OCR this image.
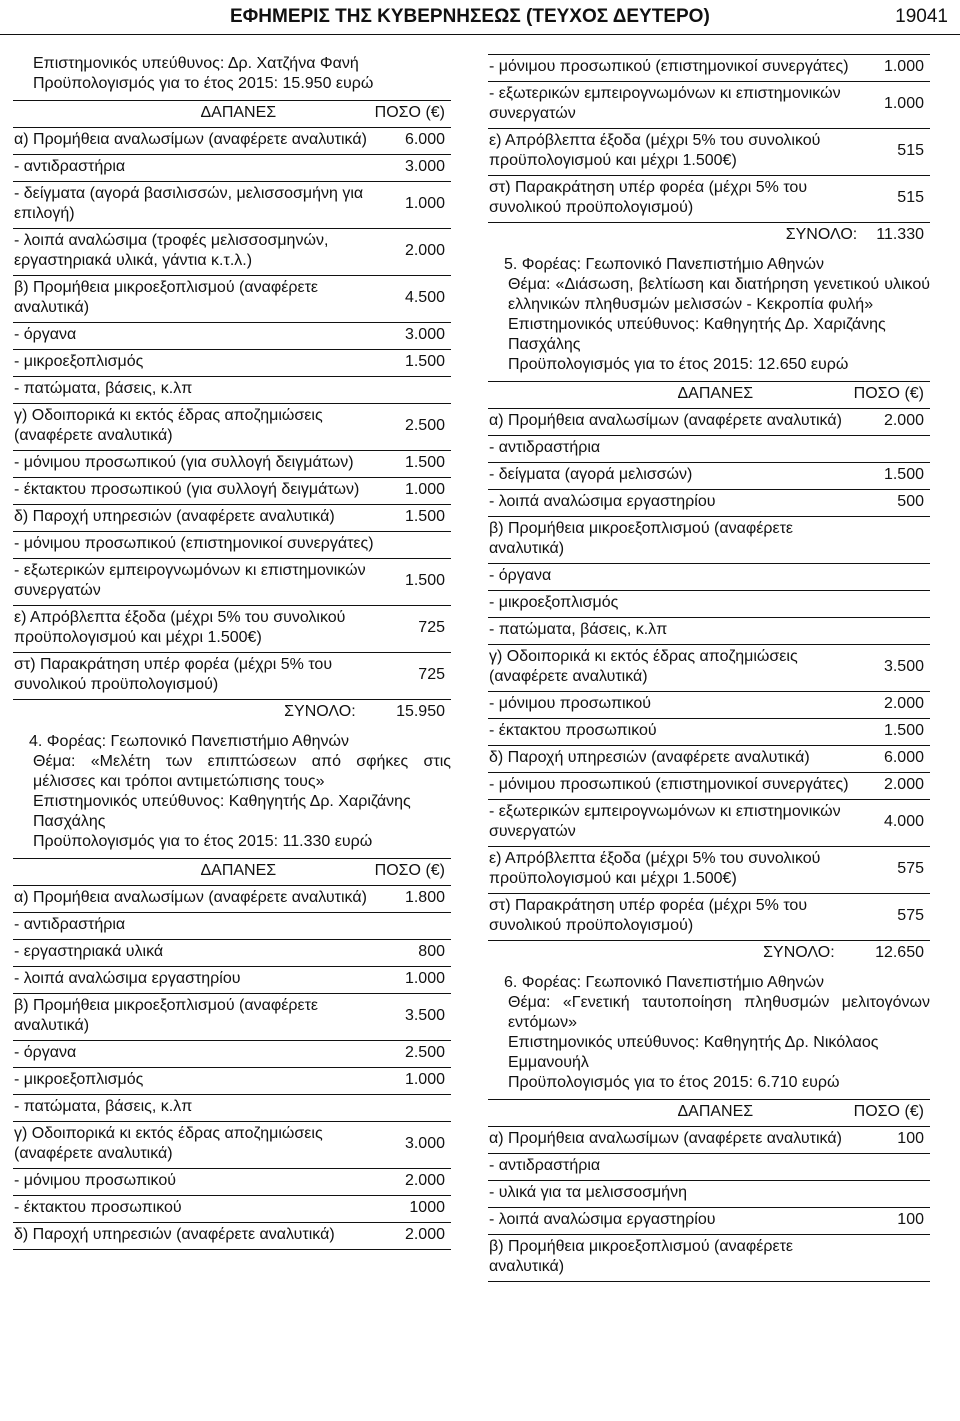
ΕΦΗΜΕΡΙΣ ΤΗΣ ΚΥΒΕΡΝΗΣΕΩΣ (ΤΕΥΧΟΣ ΔΕΥΤΕΡΟ)	19041

Επιστημονικός υπεύθυνος: Δρ. Χατζήνα Φανή

Προϋπολογισμός για το έτος 2015: 15.950 ευρώ

ΔΑΠΑΝΕΣ	ΠΟΣΟ (€)
α) Προμήθεια αναλωσίμων (αναφέρετε αναλυτικά)	6.000
- αντιδραστήρια	3.000
- δείγματα (αγορά βασιλισσών, μελισσοσμήνη για επιλογή)	1.000
- λοιπά αναλώσιμα (τροφές μελισσοσμηνών, εργαστηριακά υλικά, γάντια κ.τ.λ.)	2.000
β) Προμήθεια μικροεξοπλισμού (αναφέρετε αναλυτικά)	4.500
- όργανα	3.000
- μικροεξοπλισμός	1.500
- πατώματα, βάσεις, κ.λπ	
γ) Οδοιπορικά κι εκτός έδρας αποζημιώσεις (αναφέρετε αναλυτικά)	2.500
- μόνιμου προσωπικού (για συλλογή δειγμάτων)	1.500
- έκτακτου προσωπικού (για συλλογή δειγμάτων)	1.000
δ) Παροχή υπηρεσιών (αναφέρετε αναλυτικά)	1.500
- μόνιμου προσωπικού (επιστημονικοί συνεργάτες)	
- εξωτερικών εμπειρογνωμόνων κι επιστημονικών συνεργατών	1.500
ε) Απρόβλεπτα έξοδα (μέχρι 5% του συνολικού προϋπολογισμού και μέχρι 1.500€)	725
στ) Παρακράτηση υπέρ φορέα (μέχρι 5% του συνολικού προϋπολογισμού)	725
ΣΥΝΟΛΟ:	15.950

4. Φορέας: Γεωπονικό Πανεπιστήμιο Αθηνών

Θέμα: «Μελέτη των επιπτώσεων από σφήκες στις μέλισσες και τρόποι αντιμετώπισης τους»

Επιστημονικός υπεύθυνος: Καθηγητής Δρ. Χαριζάνης Πασχάλης

Προϋπολογισμός για το έτος 2015: 11.330 ευρώ

ΔΑΠΑΝΕΣ	ΠΟΣΟ (€)
α) Προμήθεια αναλωσίμων (αναφέρετε αναλυτικά)	1.800
- αντιδραστήρια	
- εργαστηριακά υλικά	800
- λοιπά αναλώσιμα εργαστηρίου	1.000
β) Προμήθεια μικροεξοπλισμού (αναφέρετε αναλυτικά)	3.500
- όργανα	2.500
- μικροεξοπλισμός	1.000
- πατώματα, βάσεις, κ.λπ	
γ) Οδοιπορικά κι εκτός έδρας αποζημιώσεις (αναφέρετε αναλυτικά)	3.000
- μόνιμου προσωπικού	2.000
- έκτακτου προσωπικού	1000
δ) Παροχή υπηρεσιών (αναφέρετε αναλυτικά)	2.000
- μόνιμου προσωπικού (επιστημονικοί συνεργάτες)	1.000
- εξωτερικών εμπειρογνωμόνων κι επιστημονικών συνεργατών	1.000
ε) Απρόβλεπτα έξοδα (μέχρι 5% του συνολικού προϋπολογισμού και μέχρι 1.500€)	515
στ) Παρακράτηση υπέρ φορέα (μέχρι 5% του συνολικού προϋπολογισμού)	515
ΣΥΝΟΛΟ:	11.330

5. Φορέας: Γεωπονικό Πανεπιστήμιο Αθηνών

Θέμα: «Διάσωση, βελτίωση και διατήρηση γενετικού υλικού ελληνικών πληθυσμών μελισσών - Κεκροπία φυλή»

Επιστημονικός υπεύθυνος: Καθηγητής Δρ. Χαριζάνης Πασχάλης

Προϋπολογισμός για το έτος 2015: 12.650 ευρώ

ΔΑΠΑΝΕΣ	ΠΟΣΟ (€)
α) Προμήθεια αναλωσίμων (αναφέρετε αναλυτικά)	2.000
- αντιδραστήρια	
- δείγματα (αγορά μελισσών)	1.500
- λοιπά αναλώσιμα εργαστηρίου	500
β) Προμήθεια μικροεξοπλισμού (αναφέρετε αναλυτικά)	
- όργανα	
- μικροεξοπλισμός	
- πατώματα, βάσεις, κ.λπ	
γ) Οδοιπορικά κι εκτός έδρας αποζημιώσεις (αναφέρετε αναλυτικά)	3.500
- μόνιμου προσωπικού	2.000
- έκτακτου προσωπικού	1.500
δ) Παροχή υπηρεσιών (αναφέρετε αναλυτικά)	6.000
- μόνιμου προσωπικού (επιστημονικοί συνεργάτες)	2.000
- εξωτερικών εμπειρογνωμόνων κι επιστημονικών συνεργατών	4.000
ε) Απρόβλεπτα έξοδα (μέχρι 5% του συνολικού προϋπολογισμού και μέχρι 1.500€)	575
στ) Παρακράτηση υπέρ φορέα (μέχρι 5% του συνολικού προϋπολογισμού)	575
ΣΥΝΟΛΟ:	12.650

6. Φορέας: Γεωπονικό Πανεπιστήμιο Αθηνών

Θέμα: «Γενετική ταυτοποίηση πληθυσμών μελιτογόνων εντόμων»

Επιστημονικός υπεύθυνος: Καθηγητής Δρ. Νικόλαος Εμμανουήλ

Προϋπολογισμός για το έτος 2015: 6.710 ευρώ

ΔΑΠΑΝΕΣ	ΠΟΣΟ (€)
α) Προμήθεια αναλωσίμων (αναφέρετε αναλυτικά)	100
- αντιδραστήρια	
- υλικά για τα μελισσοσμήνη	
- λοιπά αναλώσιμα εργαστηρίου	100
β) Προμήθεια μικροεξοπλισμού (αναφέρετε αναλυτικά)	
